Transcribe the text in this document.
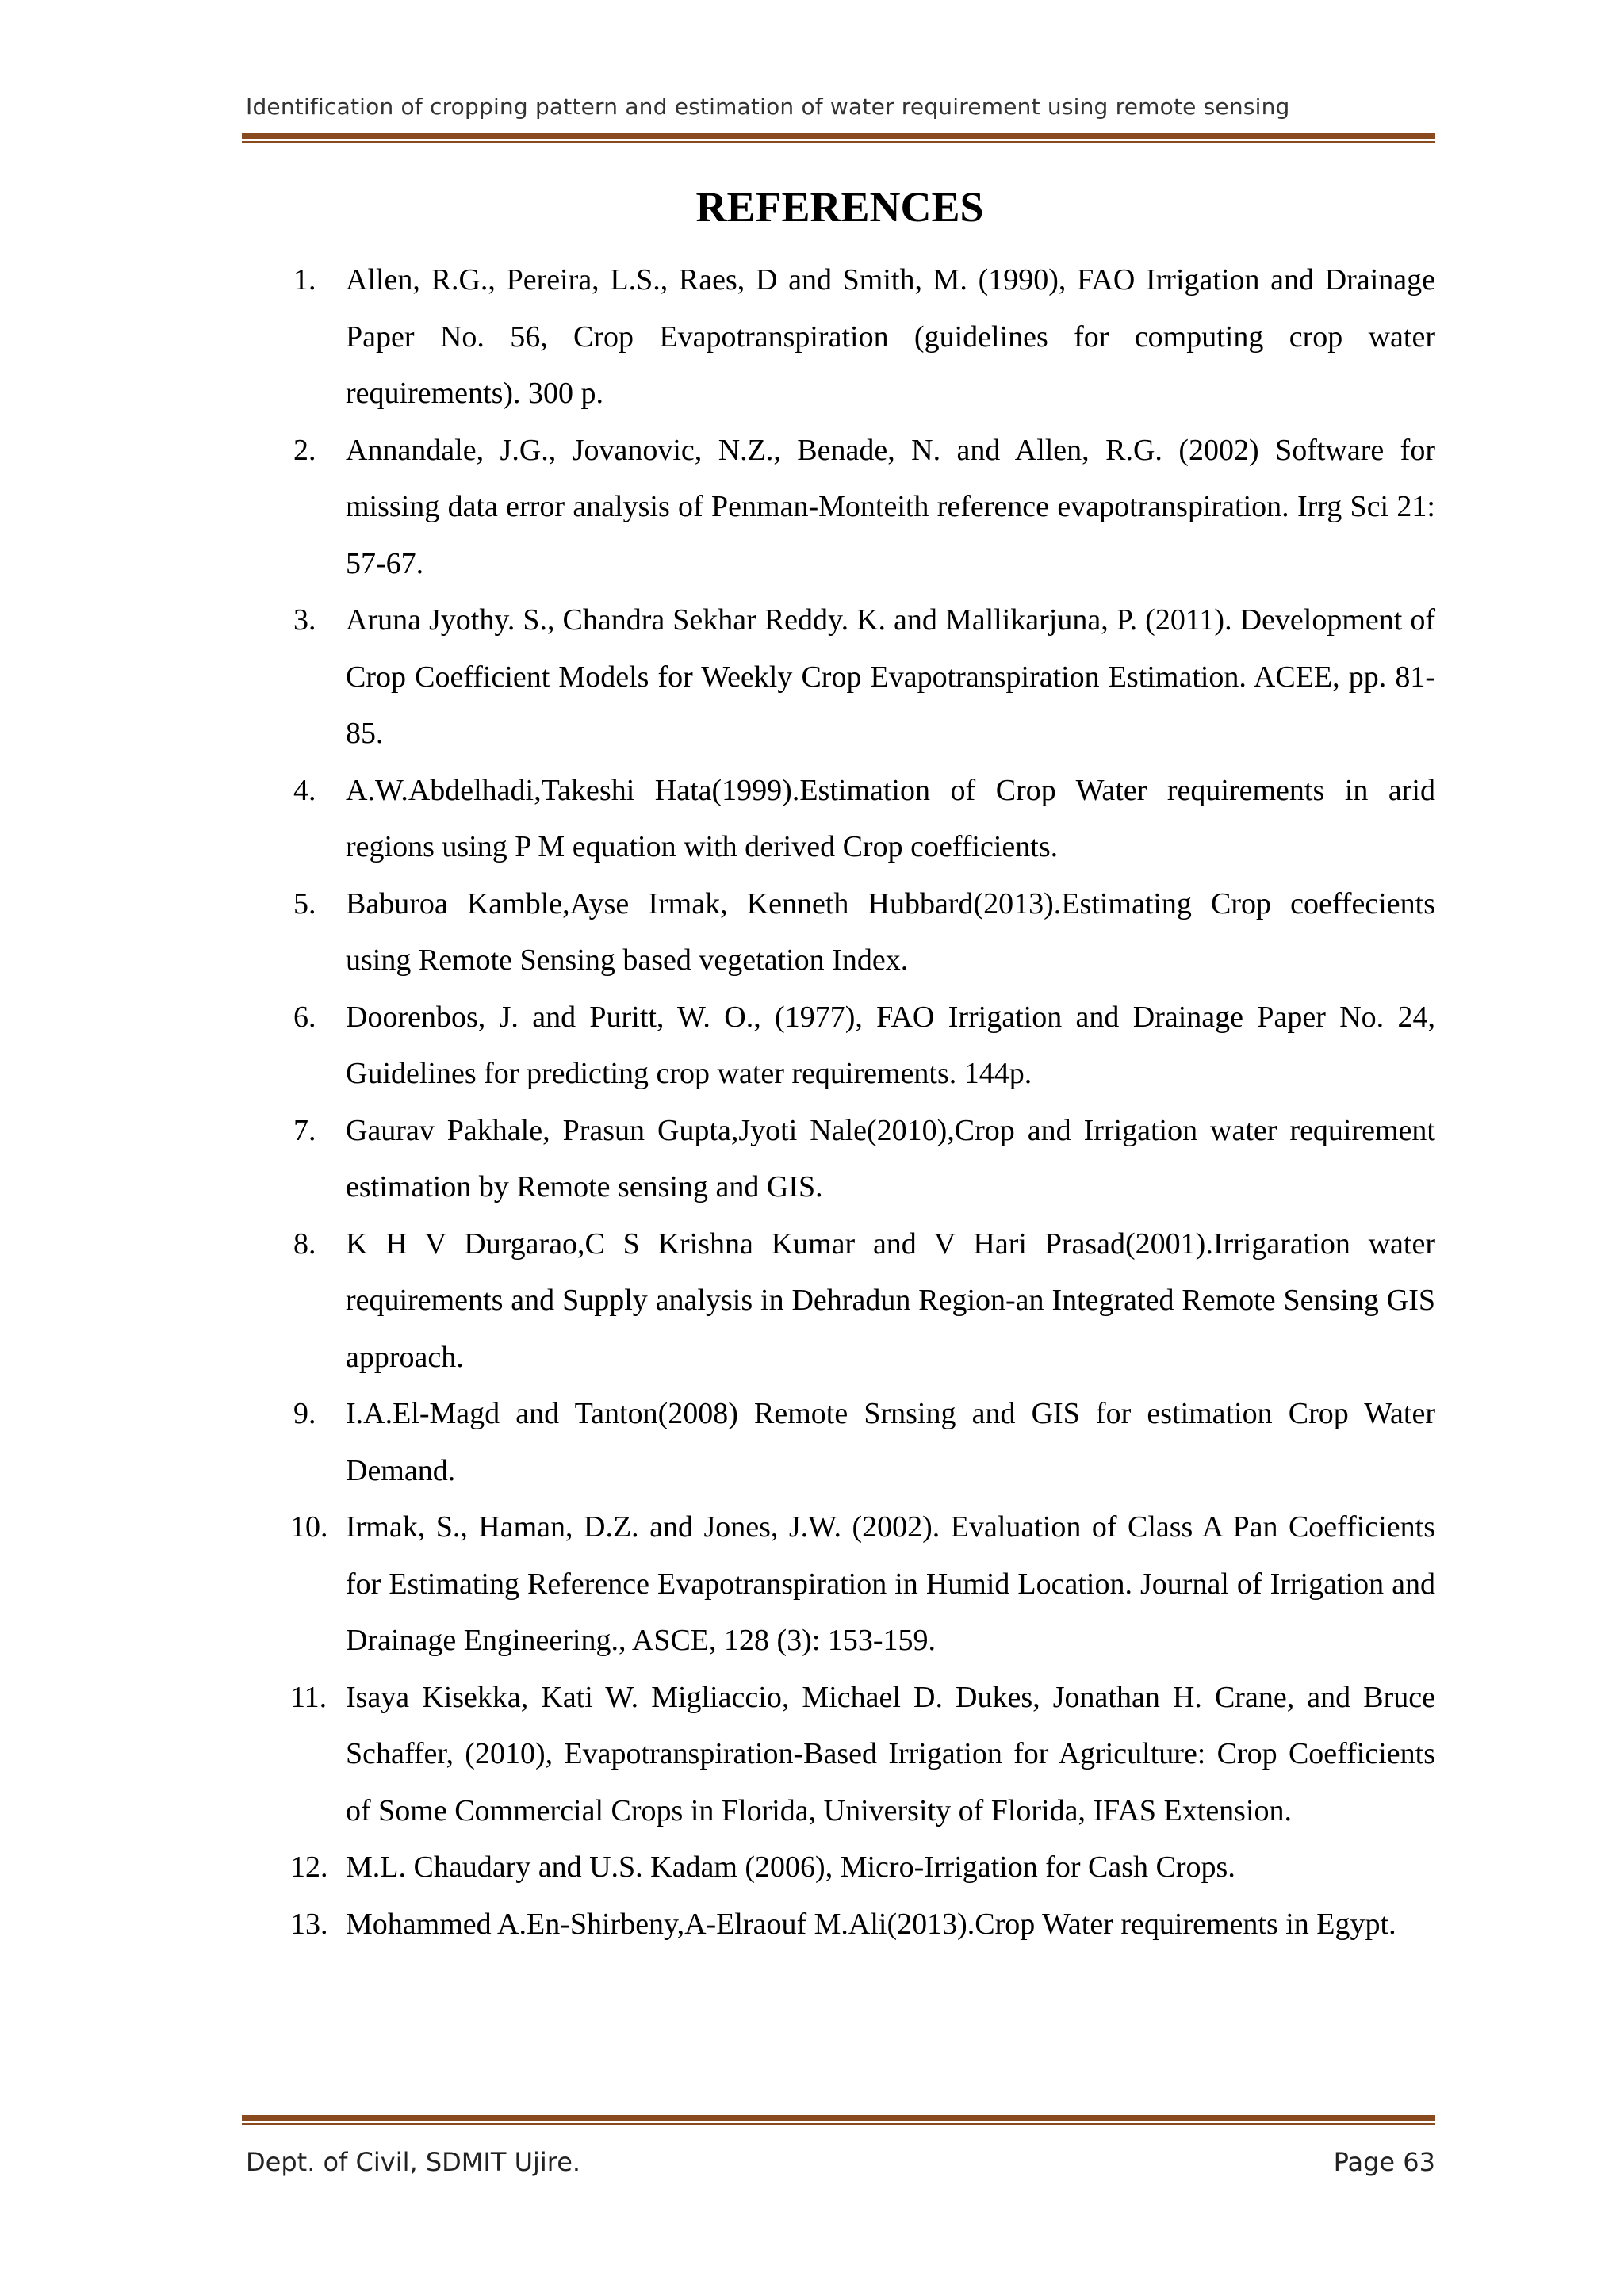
Identification of cropping pattern and estimation of water requirement using remote sensing
REFERENCES
1. Allen, R.G., Pereira, L.S., Raes, D and Smith, M. (1990), FAO Irrigation and Drainage Paper No. 56, Crop Evapotranspiration (guidelines for computing crop water requirements). 300 p.
2. Annandale, J.G., Jovanovic, N.Z., Benade, N. and Allen, R.G. (2002) Software for missing data error analysis of Penman-Monteith reference evapotranspiration. Irrg Sci 21: 57-67.
3. Aruna Jyothy. S., Chandra Sekhar Reddy. K. and Mallikarjuna, P. (2011). Development of Crop Coefficient Models for Weekly Crop Evapotranspiration Estimation. ACEE, pp. 81-85.
4. A.W.Abdelhadi,Takeshi Hata(1999).Estimation of Crop Water requirements in arid regions using P M equation with derived Crop coefficients.
5. Baburoa Kamble,Ayse Irmak, Kenneth Hubbard(2013).Estimating Crop coeffecients using Remote Sensing based vegetation Index.
6. Doorenbos, J. and Puritt, W. O., (1977), FAO Irrigation and Drainage Paper No. 24, Guidelines for predicting crop water requirements. 144p.
7. Gaurav Pakhale, Prasun Gupta,Jyoti Nale(2010),Crop and Irrigation water requirement estimation by Remote sensing and GIS.
8. K H V Durgarao,C S Krishna Kumar and V Hari Prasad(2001).Irrigaration water requirements and Supply analysis in Dehradun Region-an Integrated Remote Sensing GIS approach.
9. I.A.El-Magd and Tanton(2008) Remote Srnsing and GIS for estimation Crop Water Demand.
10. Irmak, S., Haman, D.Z. and Jones, J.W. (2002). Evaluation of Class A Pan Coefficients for Estimating Reference Evapotranspiration in Humid Location. Journal of Irrigation and Drainage Engineering., ASCE, 128 (3): 153-159.
11. Isaya Kisekka, Kati W. Migliaccio, Michael D. Dukes, Jonathan H. Crane, and Bruce Schaffer, (2010), Evapotranspiration-Based Irrigation for Agriculture: Crop Coefficients of Some Commercial Crops in Florida, University of Florida, IFAS Extension.
12. M.L. Chaudary and U.S. Kadam (2006), Micro-Irrigation for Cash Crops.
13. Mohammed A.En-Shirbeny,A-Elraouf M.Ali(2013).Crop Water requirements in Egypt.
Dept. of Civil, SDMIT Ujire.	Page 63
